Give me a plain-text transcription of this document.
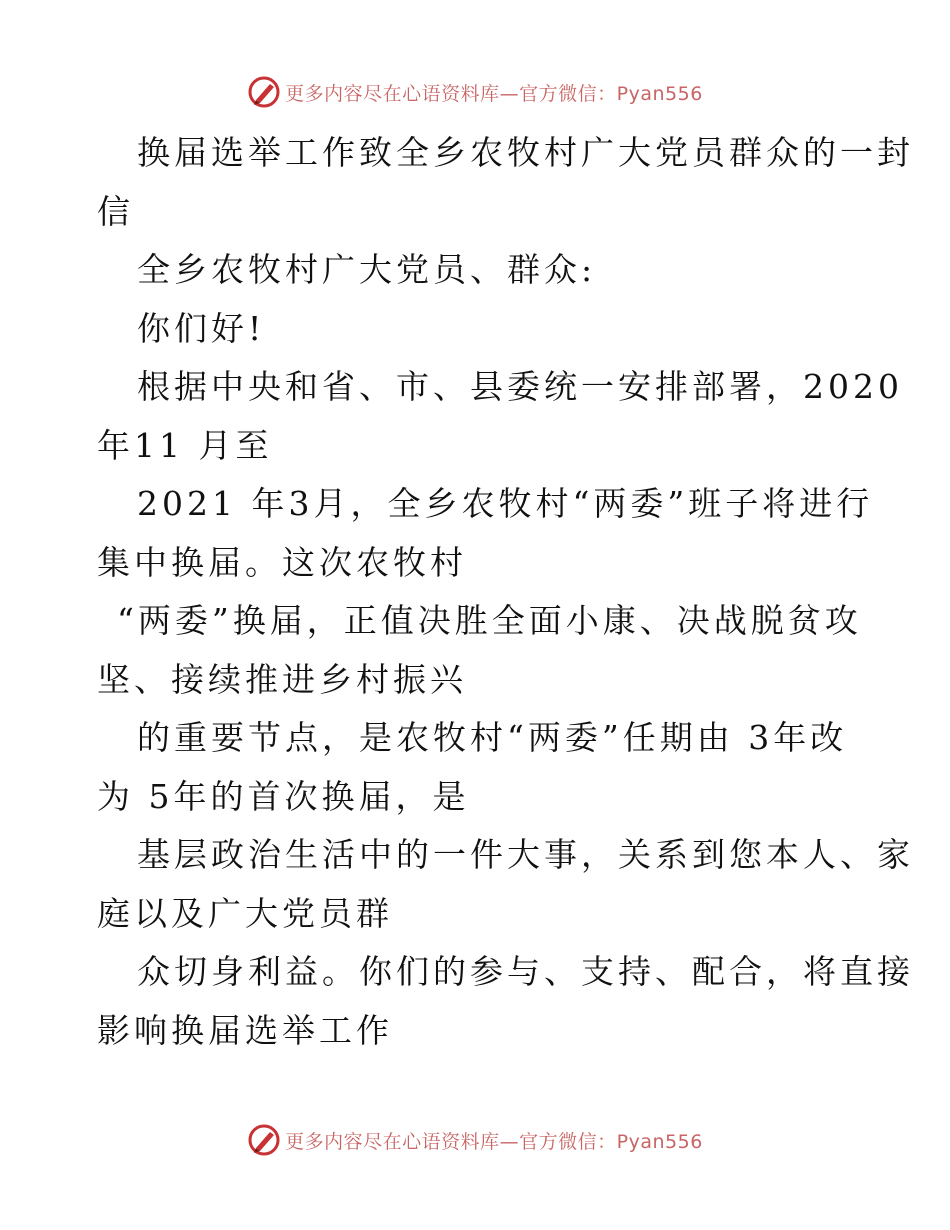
更多内容尽在心语资料库—官方微信：Pyan556
换届选举工作致全乡农牧村广大党员群众的一封
信
全乡农牧村广大党员、群众:
你们好!
根据中央和省、市、县委统一安排部署，2020
年11 月至
2021 年3月，全乡农牧村“两委”班子将进行
集中换届。这次农牧村
“两委”换届，正值决胜全面小康、决战脱贫攻
坚、接续推进乡村振兴
的重要节点，是农牧村“两委”任期由 3年改
为 5年的首次换届，是
基层政治生活中的一件大事，关系到您本人、家
庭以及广大党员群
众切身利益。你们的参与、支持、配合，将直接
影响换届选举工作
更多内容尽在心语资料库—官方微信：Pyan556
